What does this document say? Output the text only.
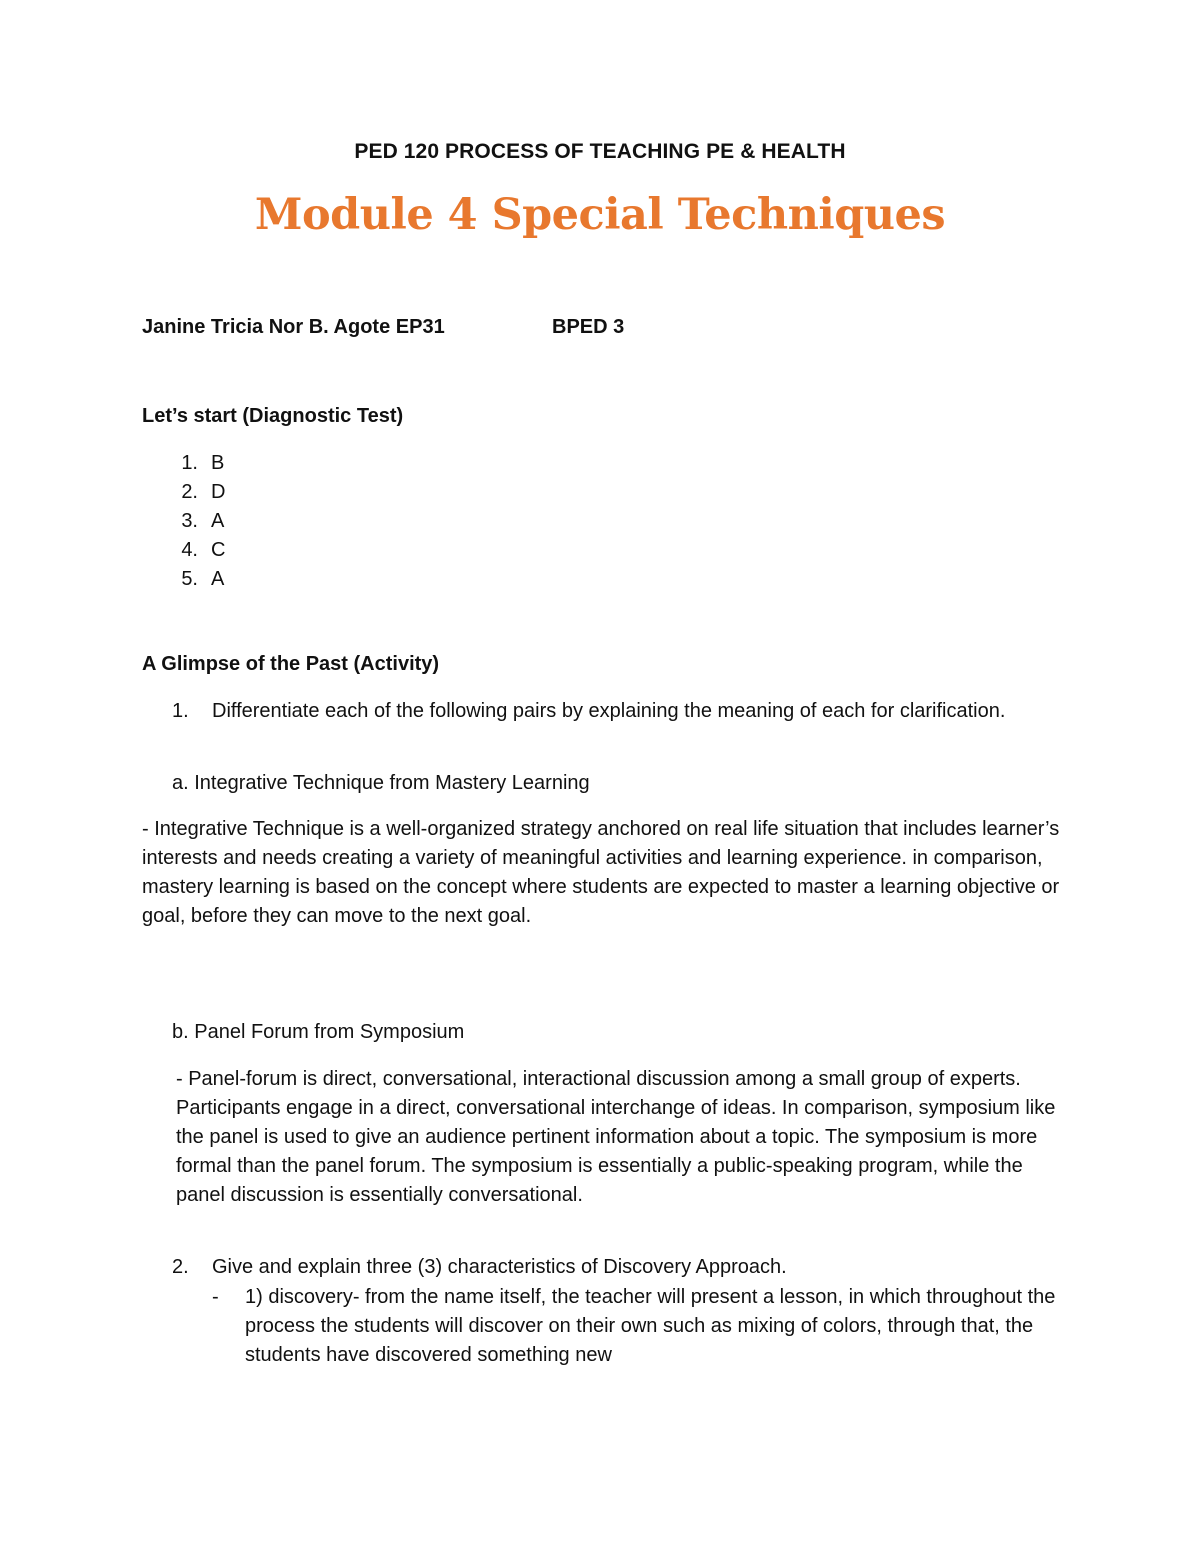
PED 120 PROCESS OF TEACHING PE & HEALTH
Module 4 Special Techniques
Janine Tricia Nor B. Agote EP31	BPED 3
Let’s start (Diagnostic Test)
1. B
2. D
3. A
4. C
5. A
A Glimpse of the Past (Activity)
1. Differentiate each of the following pairs by explaining the meaning of each for clarification.
a. Integrative Technique from Mastery Learning
- Integrative Technique is a well-organized strategy anchored on real life situation that includes learner’s interests and needs creating a variety of meaningful activities and learning experience. in comparison, mastery learning is based on the concept where students are expected to master a learning objective or goal, before they can move to the next goal.
b. Panel Forum from Symposium
- Panel-forum is direct, conversational, interactional discussion among a small group of experts. Participants engage in a direct, conversational interchange of ideas. In comparison, symposium like the panel is used to give an audience pertinent information about a topic. The symposium is more formal than the panel forum. The symposium is essentially a public-speaking program, while the panel discussion is essentially conversational.
2. Give and explain three (3) characteristics of Discovery Approach.
- 1) discovery- from the name itself, the teacher will present a lesson, in which throughout the process the students will discover on their own such as mixing of colors, through that, the students have discovered something new
